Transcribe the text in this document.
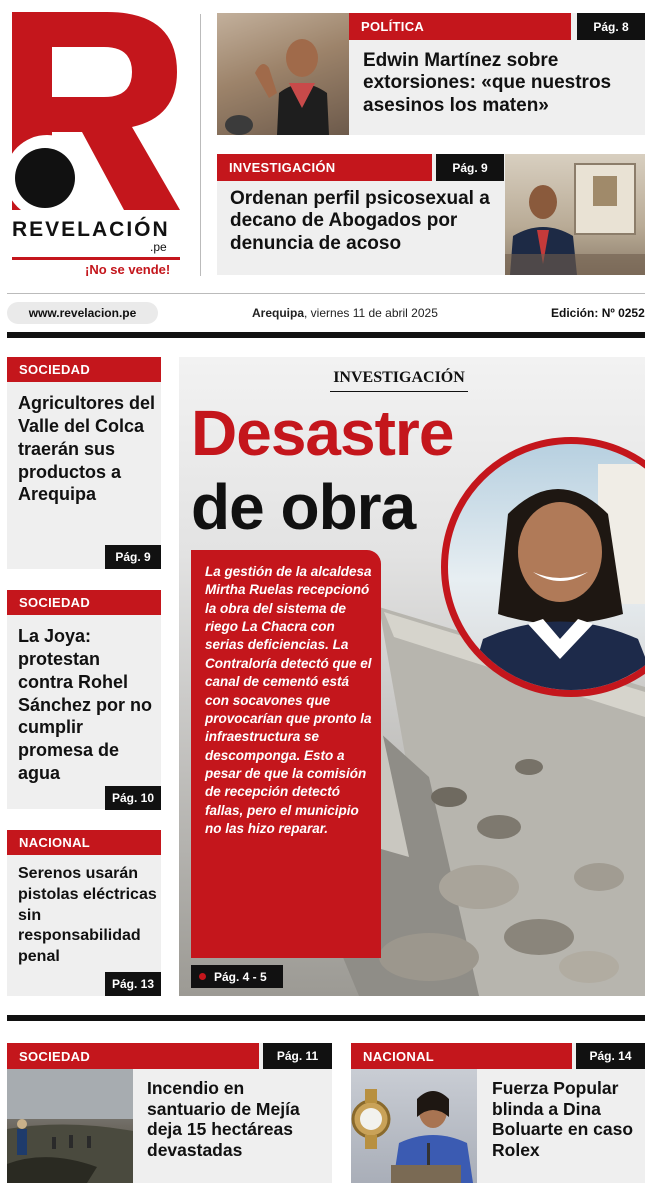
REVELACIÓN
.pe
¡No se vende!
POLÍTICA	Pág. 8
Edwin Martínez sobre extorsiones: «que nuestros asesinos los maten»
INVESTIGACIÓN	Pág. 9
Ordenan perfil psicosexual a decano de Abogados por denuncia de acoso
www.revelacion.pe	Arequipa, viernes 11 de abril 2025	Edición: Nº 0252
SOCIEDAD
Agricultores del Valle del Colca traerán sus productos a Arequipa
Pág. 9
SOCIEDAD
La Joya: protestan contra Rohel Sánchez por no cumplir promesa de agua
Pág. 10
NACIONAL
Serenos usarán pistolas eléctricas sin responsabilidad penal
Pág. 13
INVESTIGACIÓN
Desastre
de obra
La gestión de la alcaldesa Mirtha Ruelas recepcionó la obra del sistema de riego La Chacra con serias deficiencias. La Contraloría detectó que el canal de cementó está con socavones que provocarían que pronto la infraestructura se descomponga. Esto a pesar de que la comisión de recepción detectó fallas, pero el municipio no las hizo reparar.
Pág. 4 - 5
SOCIEDAD	Pág. 11
Incendio en santuario de Mejía deja 15 hectáreas devastadas
NACIONAL	Pág. 14
Fuerza Popular blinda a Dina Boluarte en caso Rolex
